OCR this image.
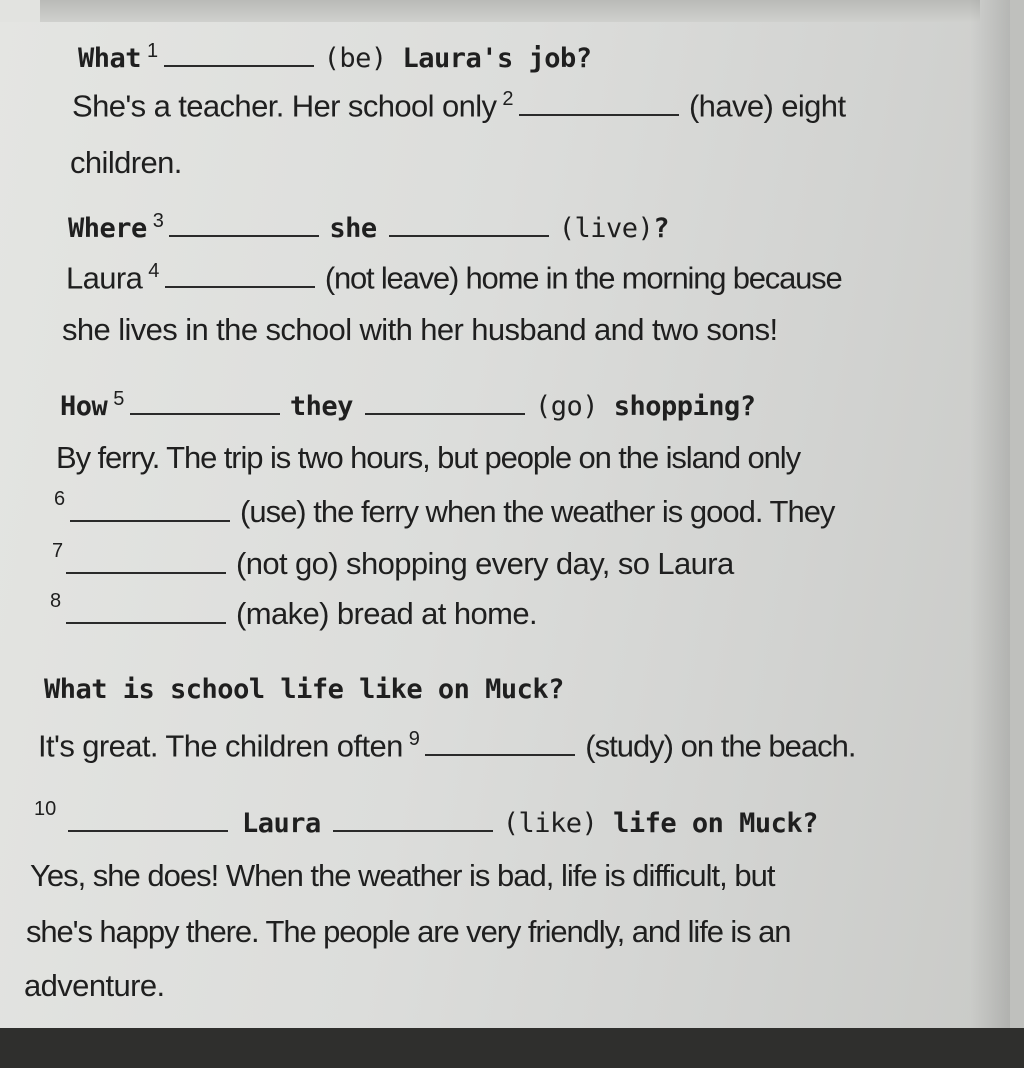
What 1	(be) Laura's job?
She's a teacher. Her school only 2	(have) eight
children.
Where 3	she	(live)?
Laura 4	(not leave) home in the morning because
she lives in the school with her husband and two sons!
How 5	they	(go) shopping?
By ferry. The trip is two hours, but people on the island only
6	(use) the ferry when the weather is good. They
7	(not go) shopping every day, so Laura
8	(make) bread at home.
What is school life like on Muck?
It's great. The children often 9	(study) on the beach.
10	Laura	(like) life on Muck?
Yes, she does! When the weather is bad, life is difficult, but
she's happy there. The people are very friendly, and life is an
adventure.
